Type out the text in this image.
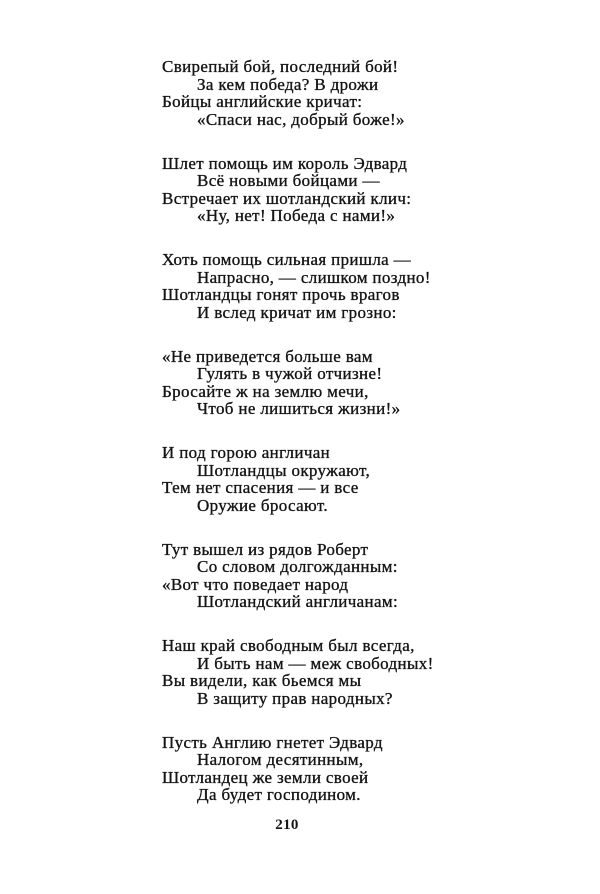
Свирепый бой, последний бой!
За кем победа? В дрожи
Бойцы английские кричат:
«Спаси нас, добрый боже!»
Шлет помощь им король Эдвард
Всё новыми бойцами —
Встречает их шотландский клич:
«Ну, нет! Победа с нами!»
Хоть помощь сильная пришла —
Напрасно, — слишком поздно!
Шотландцы гонят прочь врагов
И вслед кричат им грозно:
«Не приведется больше вам
Гулять в чужой отчизне!
Бросайте ж на землю мечи,
Чтоб не лишиться жизни!»
И под горою англичан
Шотландцы окружают,
Тем нет спасения — и все
Оружие бросают.
Тут вышел из рядов Роберт
Со словом долгожданным:
«Вот что поведает народ
Шотландский англичанам:
Наш край свободным был всегда,
И быть нам — меж свободных!
Вы видели, как бьемся мы
В защиту прав народных?
Пусть Англию гнетет Эдвард
Налогом десятинным,
Шотландец же земли своей
Да будет господином.
210
